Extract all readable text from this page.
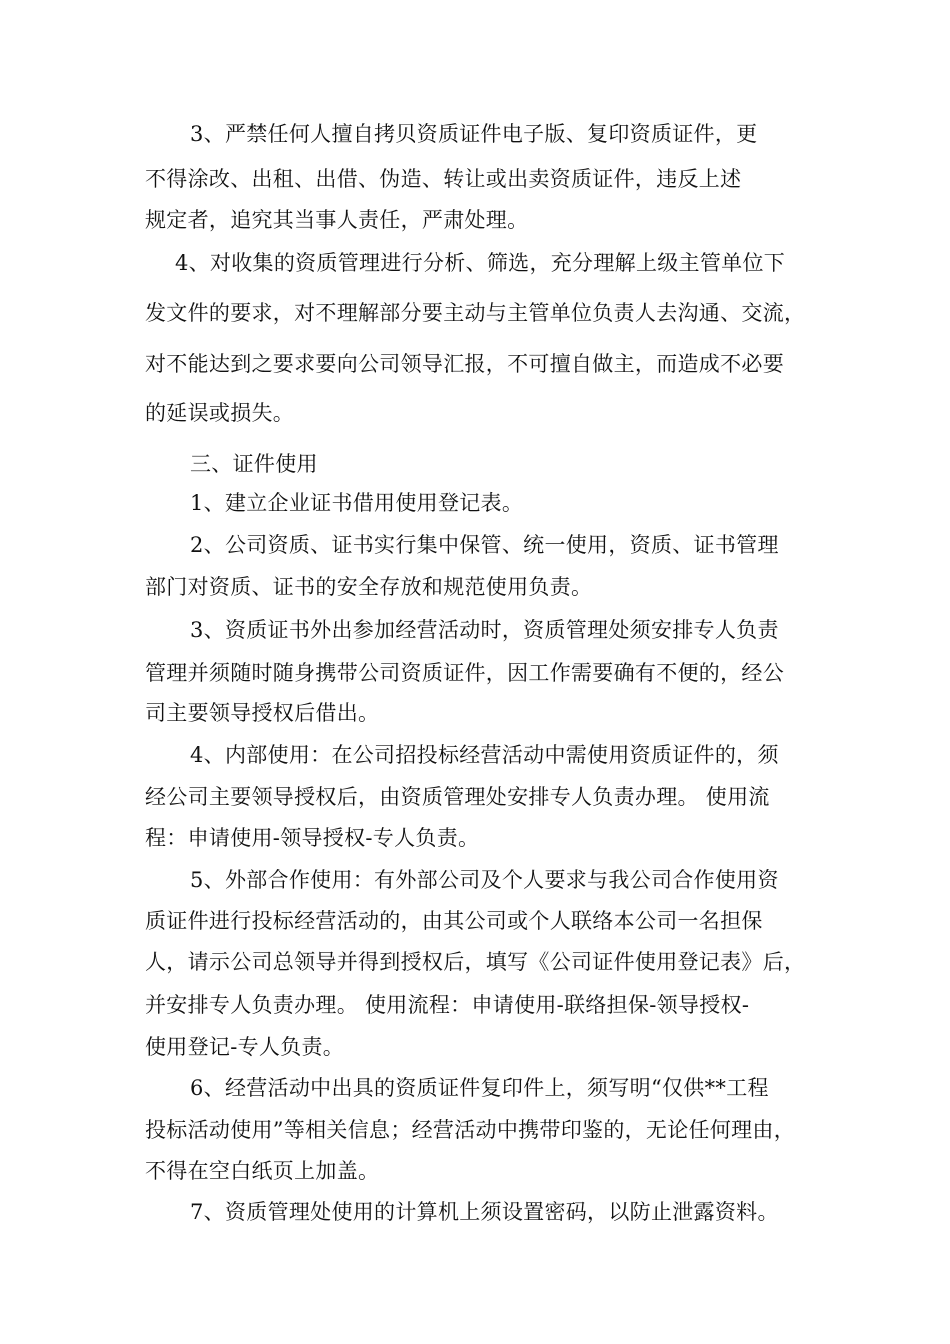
3、严禁任何人擅自拷贝资质证件电子版、复印资质证件，更
不得涂改、出租、出借、伪造、转让或出卖资质证件，违反上述
规定者，追究其当事人责任，严肃处理。
4、对收集的资质管理进行分析、筛选，充分理解上级主管单位下
发文件的要求，对不理解部分要主动与主管单位负责人去沟通、交流，
对不能达到之要求要向公司领导汇报，不可擅自做主，而造成不必要
的延误或损失。
三、证件使用
1、建立企业证书借用使用登记表。
2、公司资质、证书实行集中保管、统一使用，资质、证书管理
部门对资质、证书的安全存放和规范使用负责。
3、资质证书外出参加经营活动时，资质管理处须安排专人负责
管理并须随时随身携带公司资质证件，因工作需要确有不便的，经公
司主要领导授权后借出。
4、内部使用：在公司招投标经营活动中需使用资质证件的，须
经公司主要领导授权后，由资质管理处安排专人负责办理。 使用流
程：申请使用-领导授权-专人负责。
5、外部合作使用：有外部公司及个人要求与我公司合作使用资
质证件进行投标经营活动的，由其公司或个人联络本公司一名担保
人，请示公司总领导并得到授权后，填写《公司证件使用登记表》后，
并安排专人负责办理。 使用流程：申请使用-联络担保-领导授权-
使用登记-专人负责。
6、经营活动中出具的资质证件复印件上，须写明“仅供**工程
投标活动使用”等相关信息；经营活动中携带印鉴的，无论任何理由，
不得在空白纸页上加盖。
7、资质管理处使用的计算机上须设置密码，以防止泄露资料。
